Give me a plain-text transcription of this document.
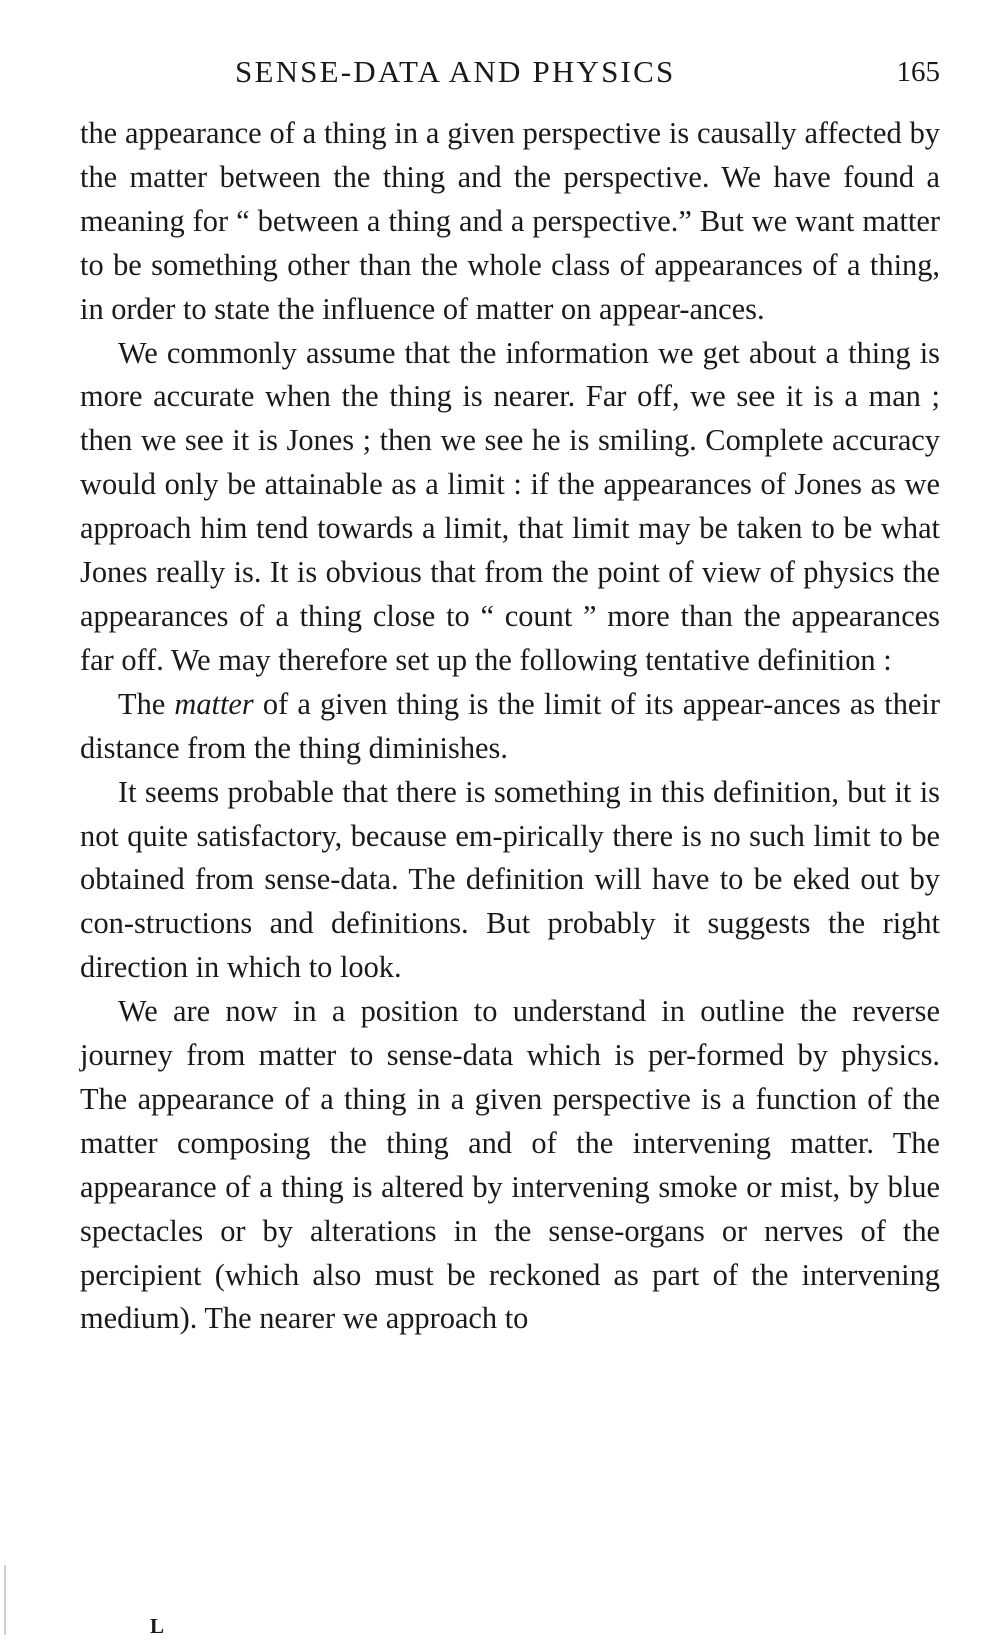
SENSE-DATA AND PHYSICS	165

the appearance of a thing in a given perspective is causally affected by the matter between the thing and the perspective. We have found a meaning for “ between a thing and a perspective.” But we want matter to be something other than the whole class of appearances of a thing, in order to state the influence of matter on appear-ances.

We commonly assume that the information we get about a thing is more accurate when the thing is nearer. Far off, we see it is a man ; then we see it is Jones ; then we see he is smiling. Complete accuracy would only be attainable as a limit : if the appearances of Jones as we approach him tend towards a limit, that limit may be taken to be what Jones really is. It is obvious that from the point of view of physics the appearances of a thing close to “ count ” more than the appearances far off. We may therefore set up the following tentative definition :

The matter of a given thing is the limit of its appear-ances as their distance from the thing diminishes.

It seems probable that there is something in this definition, but it is not quite satisfactory, because em-pirically there is no such limit to be obtained from sense-data. The definition will have to be eked out by con-structions and definitions. But probably it suggests the right direction in which to look.

We are now in a position to understand in outline the reverse journey from matter to sense-data which is per-formed by physics. The appearance of a thing in a given perspective is a function of the matter composing the thing and of the intervening matter. The appearance of a thing is altered by intervening smoke or mist, by blue spectacles or by alterations in the sense-organs or nerves of the percipient (which also must be reckoned as part of the intervening medium). The nearer we approach to

L
